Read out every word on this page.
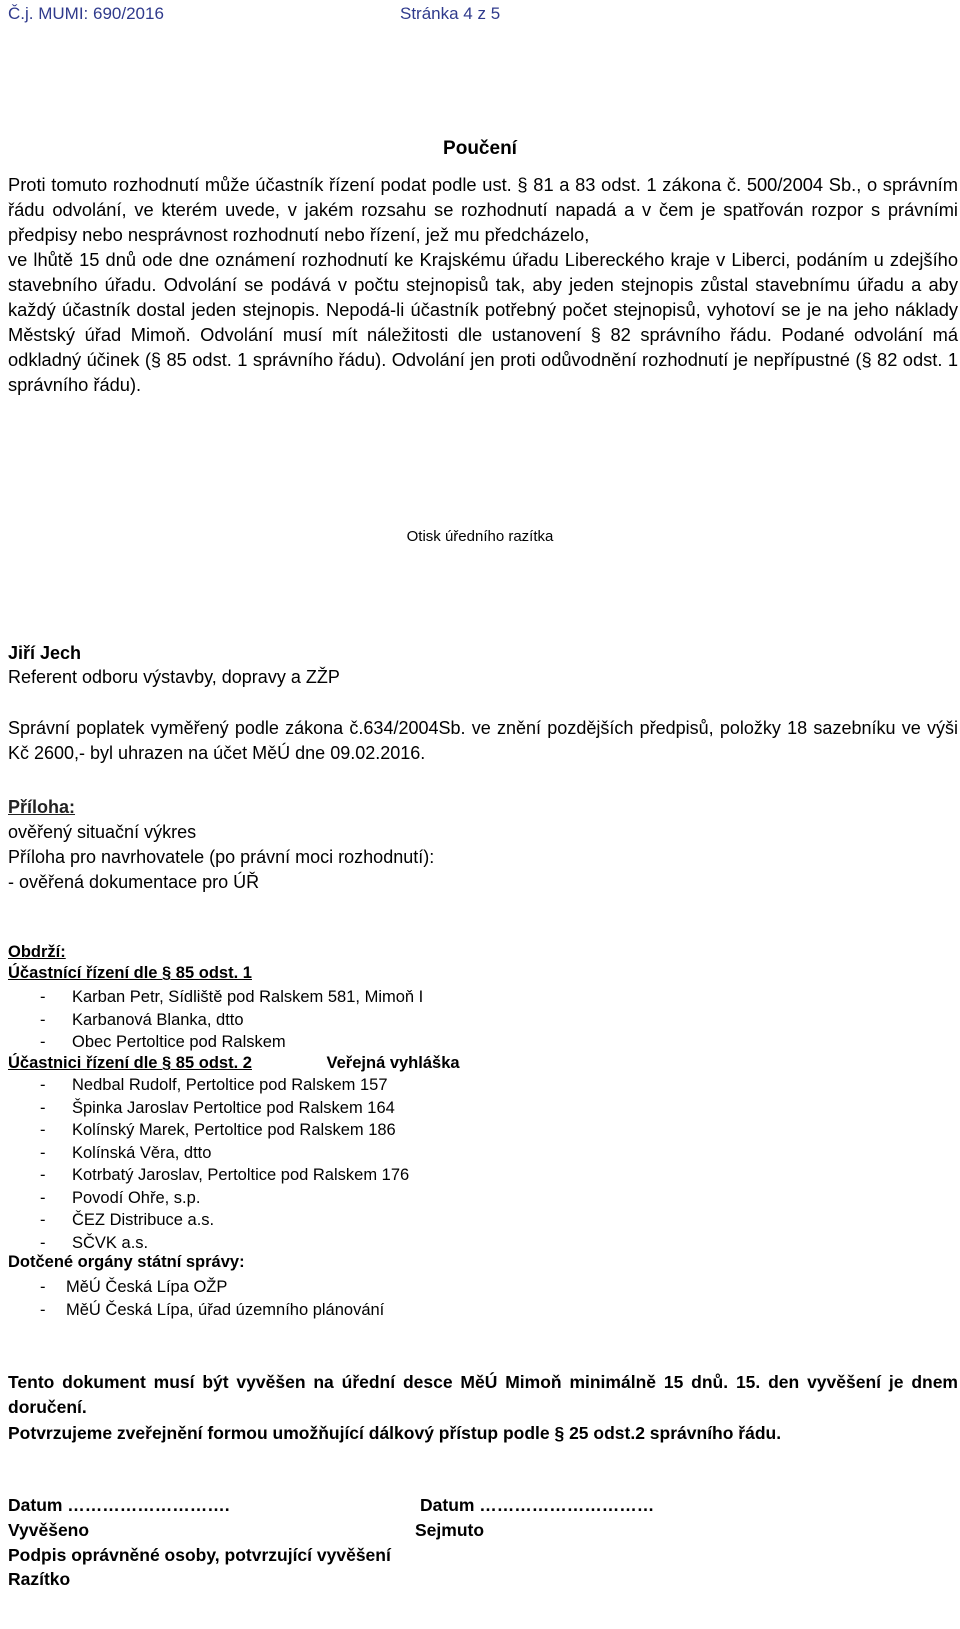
Č.j. MUMI: 690/2016	Stránka 4 z 5
Poučení

Proti tomuto rozhodnutí může účastník řízení podat podle ust. § 81 a 83 odst. 1 zákona č. 500/2004 Sb., o správním řádu odvolání, ve kterém uvede, v jakém rozsahu se rozhodnutí napadá a v čem je spatřován rozpor s právními předpisy nebo nesprávnost rozhodnutí nebo řízení, jež mu předcházelo,

ve lhůtě 15 dnů ode dne oznámení rozhodnutí ke Krajskému úřadu Libereckého kraje v Liberci, podáním u zdejšího stavebního úřadu. Odvolání se podává v počtu stejnopisů tak, aby jeden stejnopis zůstal stavebnímu úřadu a aby každý účastník dostal jeden stejnopis. Nepodá-li účastník potřebný počet stejnopisů, vyhotoví se je na jeho náklady Městský úřad Mimoň. Odvolání musí mít náležitosti dle ustanovení § 82 správního řádu. Podané odvolání má odkladný účinek (§ 85 odst. 1 správního řádu). Odvolání jen proti odůvodnění rozhodnutí je nepřípustné (§ 82 odst. 1 správního řádu).

Otisk úředního razítka
Jiří Jech
Referent odboru výstavby, dopravy a ZŽP

Správní poplatek vyměřený podle zákona č.634/2004Sb. ve znění pozdějších předpisů, položky 18 sazebníku ve výši Kč 2600,- byl uhrazen na účet MěÚ dne 09.02.2016.

Příloha:
ověřený situační výkres
Příloha pro navrhovatele (po právní moci rozhodnutí):
- ověřená dokumentace pro ÚŘ
Obdrží:
Účastnící řízení dle § 85 odst. 1
- Karban Petr, Sídliště pod Ralskem 581, Mimoň I
- Karbanová Blanka, dtto
- Obec Pertoltice pod Ralskem
Účastnici řízení dle § 85 odst. 2	Veřejná vyhláška
- Nedbal Rudolf, Pertoltice pod Ralskem 157
- Špinka Jaroslav Pertoltice pod Ralskem 164
- Kolínský Marek, Pertoltice pod Ralskem 186
- Kolínská Věra, dtto
- Kotrbatý Jaroslav, Pertoltice pod Ralskem 176
- Povodí Ohře, s.p.
- ČEZ Distribuce a.s.
- SČVK a.s.
Dotčené orgány státní správy:
- MěÚ Česká Lípa OŽP
- MěÚ Česká Lípa, úřad územního plánování

Tento dokument musí být vyvěšen na úřední desce MěÚ Mimoň minimálně 15 dnů. 15. den vyvěšení je dnem doručení.

Potvrzujeme zveřejnění formou umožňující dálkový přístup podle § 25 odst.2 správního řádu.

Datum ……………………….	Datum …………………………
Vyvěšeno	Sejmuto
Podpis oprávněné osoby, potvrzující vyvěšení
Razítko
